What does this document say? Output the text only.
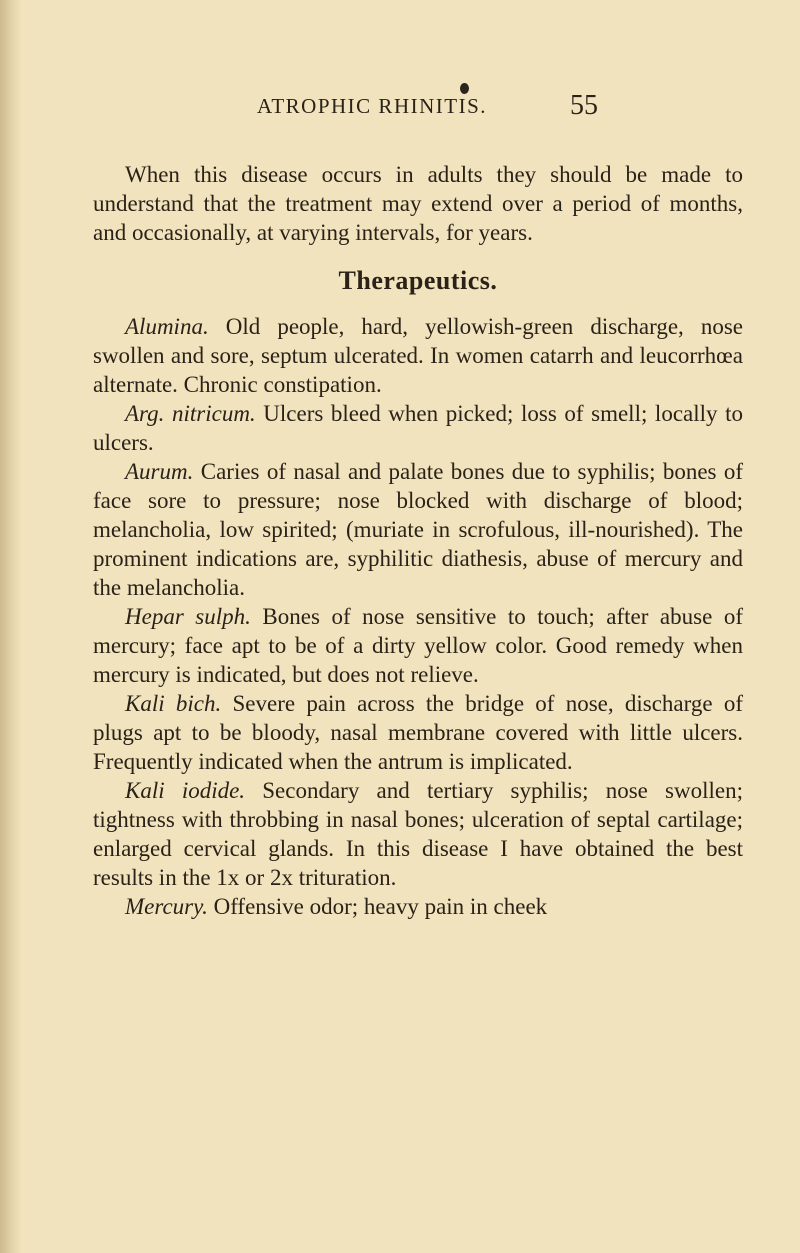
ATROPHIC RHINITIS.	55

When this disease occurs in adults they should be made to understand that the treatment may extend over a period of months, and occasionally, at varying intervals, for years.

Therapeutics.

Alumina. Old people, hard, yellowish-green discharge, nose swollen and sore, septum ulcerated. In women catarrh and leucorrhœa alternate. Chronic constipation.

Arg. nitricum. Ulcers bleed when picked; loss of smell; locally to ulcers.

Aurum. Caries of nasal and palate bones due to syphilis; bones of face sore to pressure; nose blocked with discharge of blood; melancholia, low spirited; (muriate in scrofulous, ill-nourished). The prominent indications are, syphilitic diathesis, abuse of mercury and the melancholia.

Hepar sulph. Bones of nose sensitive to touch; after abuse of mercury; face apt to be of a dirty yellow color. Good remedy when mercury is indicated, but does not relieve.

Kali bich. Severe pain across the bridge of nose, discharge of plugs apt to be bloody, nasal membrane covered with little ulcers. Frequently indicated when the antrum is implicated.

Kali iodide. Secondary and tertiary syphilis; nose swollen; tightness with throbbing in nasal bones; ulceration of septal cartilage; enlarged cervical glands. In this disease I have obtained the best results in the 1x or 2x trituration.

Mercury. Offensive odor; heavy pain in cheek
